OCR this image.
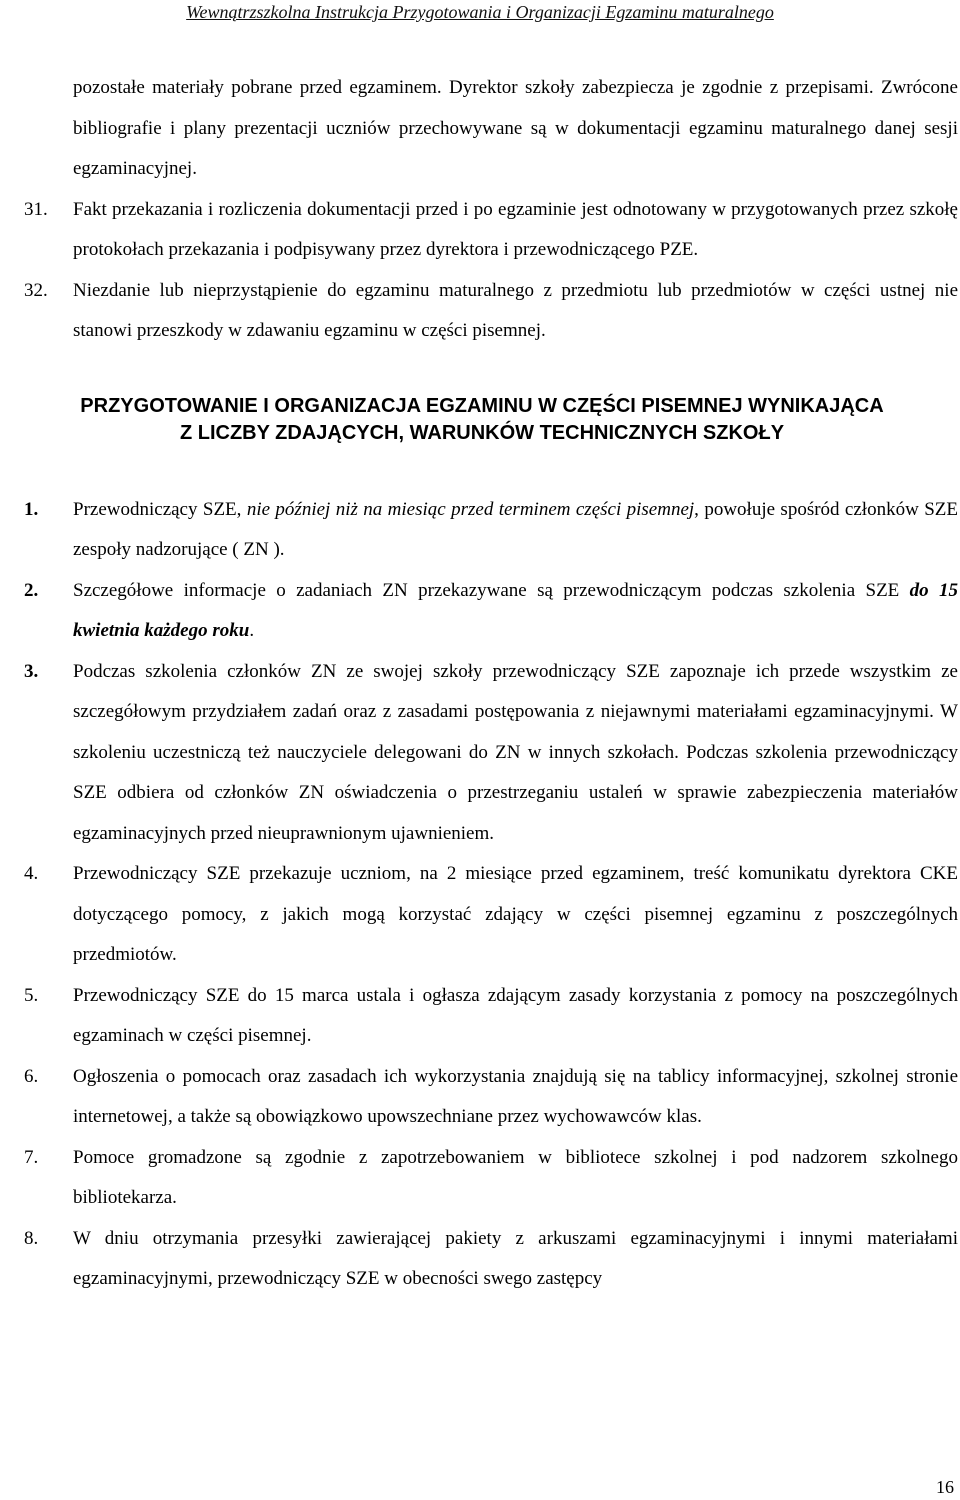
Wewnątrzszkolna Instrukcja Przygotowania i Organizacji Egzaminu maturalnego
pozostałe materiały pobrane przed egzaminem. Dyrektor szkoły zabezpiecza je zgodnie z przepisami. Zwrócone bibliografie i plany prezentacji uczniów przechowywane są w dokumentacji egzaminu maturalnego danej sesji egzaminacyjnej.
31.	Fakt przekazania i rozliczenia dokumentacji przed i po egzaminie jest odnotowany w przygotowanych przez szkołę protokołach przekazania i podpisywany przez dyrektora i przewodniczącego PZE.
32.	Niezdanie lub nieprzystąpienie do egzaminu maturalnego z przedmiotu lub przedmiotów w części ustnej nie stanowi przeszkody w zdawaniu egzaminu w części pisemnej.
PRZYGOTOWANIE I ORGANIZACJA EGZAMINU W CZĘŚCI PISEMNEJ WYNIKAJĄCA
Z LICZBY ZDAJĄCYCH, WARUNKÓW TECHNICZNYCH SZKOŁY
1.	Przewodniczący SZE, nie później niż na miesiąc przed terminem części pisemnej, powołuje spośród członków SZE zespoły nadzorujące ( ZN ).
2.	Szczegółowe informacje o zadaniach ZN przekazywane są przewodniczącym podczas szkolenia SZE do 15 kwietnia każdego roku.
3.	Podczas szkolenia członków ZN ze swojej szkoły przewodniczący SZE zapoznaje ich przede wszystkim ze szczegółowym przydziałem zadań oraz z zasadami postępowania z niejawnymi materiałami egzaminacyjnymi. W szkoleniu uczestniczą też nauczyciele delegowani do ZN w innych szkołach. Podczas szkolenia przewodniczący SZE odbiera od członków ZN oświadczenia o przestrzeganiu ustaleń w sprawie zabezpieczenia materiałów egzaminacyjnych przed nieuprawnionym ujawnieniem.
4.	Przewodniczący SZE przekazuje uczniom, na 2 miesiące przed egzaminem, treść komunikatu dyrektora CKE dotyczącego pomocy, z jakich mogą korzystać zdający w części pisemnej egzaminu z poszczególnych przedmiotów.
5.	Przewodniczący SZE do 15 marca ustala i ogłasza zdającym zasady korzystania z pomocy na poszczególnych egzaminach w części pisemnej.
6.	Ogłoszenia o pomocach oraz zasadach ich wykorzystania znajdują się na tablicy informacyjnej, szkolnej stronie internetowej, a także są obowiązkowo upowszechniane przez wychowawców klas.
7.	Pomoce gromadzone są zgodnie z zapotrzebowaniem w bibliotece szkolnej i pod nadzorem szkolnego bibliotekarza.
8.	W dniu otrzymania przesyłki zawierającej pakiety z arkuszami egzaminacyjnymi i innymi materiałami egzaminacyjnymi, przewodniczący SZE w obecności swego zastępcy
16
